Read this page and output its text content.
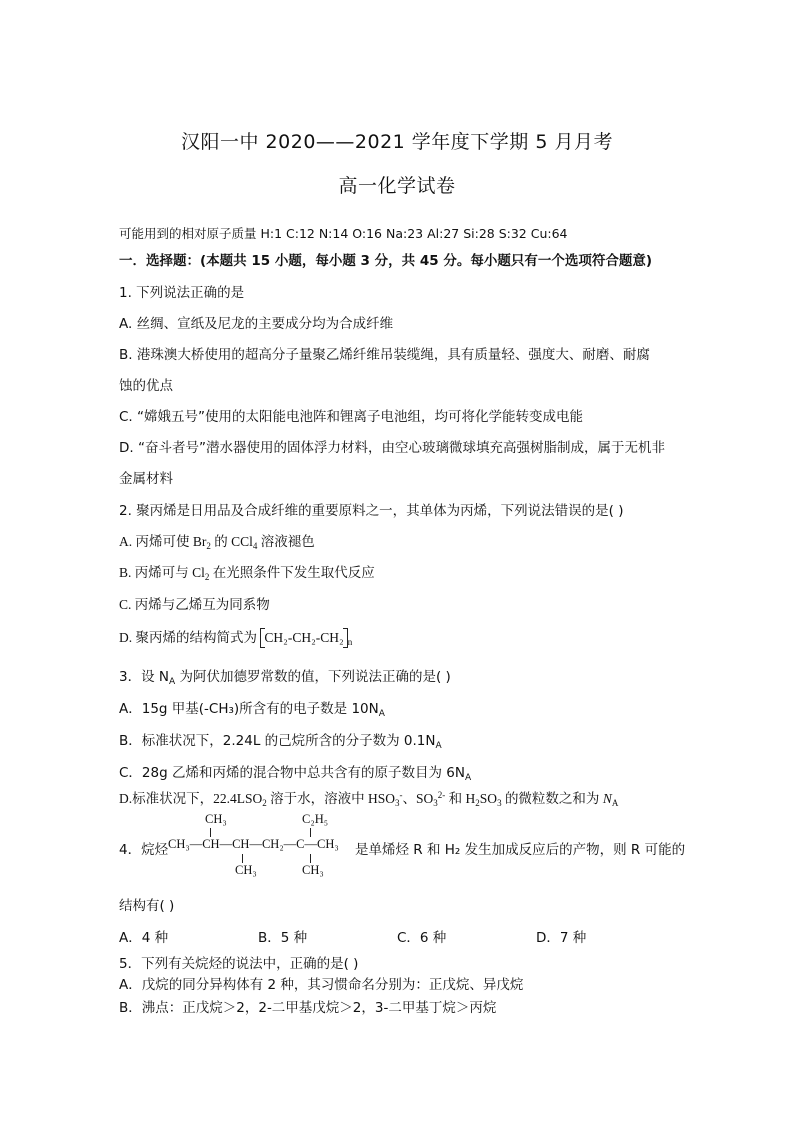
汉阳一中 2020——2021 学年度下学期 5 月月考
高一化学试卷
可能用到的相对原子质量 H:1 C:12 N:14 O:16 Na:23 Al:27 Si:28 S:32 Cu:64
一．选择题：(本题共 15 小题，每小题 3 分，共 45 分。每小题只有一个选项符合题意)
1. 下列说法正确的是
A. 丝绸、宣纸及尼龙的主要成分均为合成纤维
B. 港珠澳大桥使用的超高分子量聚乙烯纤维吊装缆绳，具有质量轻、强度大、耐磨、耐腐
蚀的优点
C. “嫦娥五号”使用的太阳能电池阵和锂离子电池组，均可将化学能转变成电能
D. “奋斗者号”潜水器使用的固体浮力材料，由空心玻璃微球填充高强树脂制成，属于无机非
金属材料
2. 聚丙烯是日用品及合成纤维的重要原料之一，其单体为丙烯，下列说法错误的是( )
A. 丙烯可使 $Br_2$ 的 CCl$_4$ 溶液褪色
B. 丙烯可与 $Cl_2$ 在光照条件下发生取代反应
C. 丙烯与乙烯互为同系物
D. 聚丙烯的结构简式为 CH₂-CH₂-CH₂ $_n$
3．设 $N_A$ 为阿伏加德罗常数的值，下列说法正确的是( )
A．15g 甲基(-CH₃)所含有的电子数是 $10N_A$
B．标准状况下，2.24L 的己烷所含的分子数为 $0.1N_A$
C．28g 乙烯和丙烯的混合物中总共含有的原子数目为 $6N_A$
D.标准状况下，$22.4LSO_2$ 溶于水，溶液中 $HSO_3^-$、$SO_3^{2-}$ 和 $H_2SO_3$ 的微粒数之和为 $N_A$
4．烷烃
CH₃	C₂H₅
CH₃—CH—CH—CH₂—C—CH₃
CH₃	CH₃
是单烯烃 R 和 H₂ 发生加成反应后的产物，则 R 可能的
结构有( )
A．4 种	B．5 种	C．6 种	D．7 种
5．下列有关烷烃的说法中，正确的是( )
A．戊烷的同分异构体有 2 种，其习惯命名分别为：正戊烷、异戊烷
B．沸点：正戊烷＞2，2-二甲基戊烷＞2，3-二甲基丁烷＞丙烷
